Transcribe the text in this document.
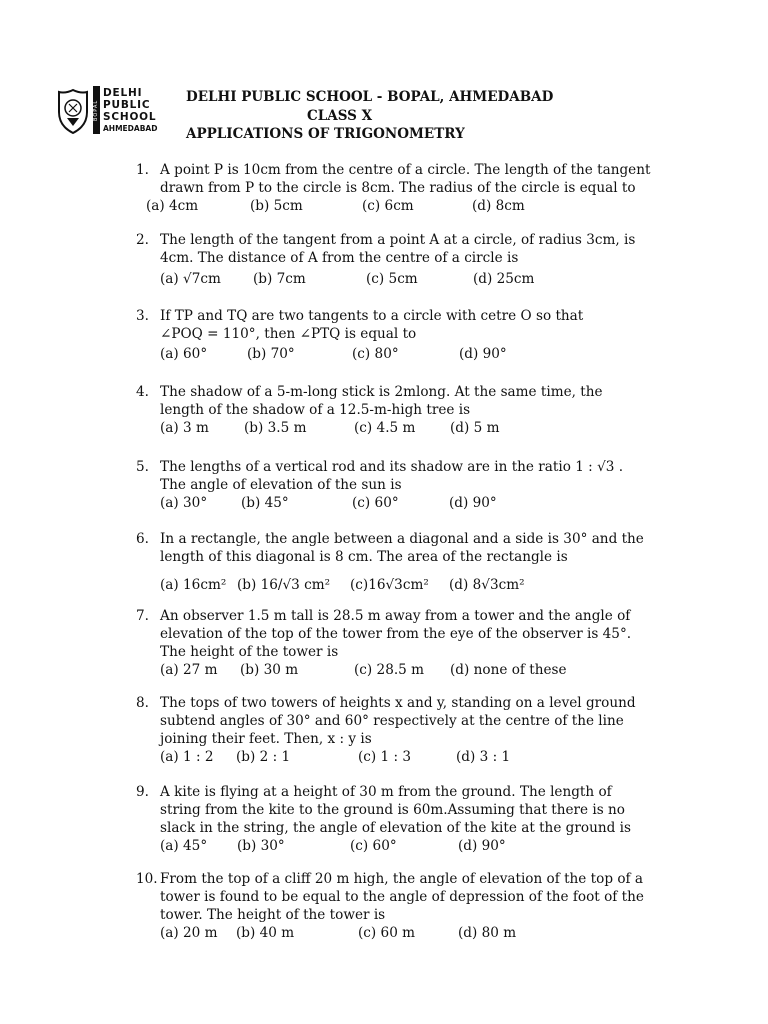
BOPAL
DELHI
PUBLIC
SCHOOL
AHMEDABAD
DELHI PUBLIC SCHOOL - BOPAL, AHMEDABAD
CLASS X
APPLICATIONS OF TRIGONOMETRY
1. A point P is 10cm from the centre of a circle. The length of the tangent
drawn from P to the circle is 8cm. The radius of the circle is equal to
(a) 4cm	(b) 5cm	(c) 6cm	(d) 8cm
2. The length of the tangent from a point A at a circle, of radius 3cm, is
4cm. The distance of A from the centre of a circle is
(a) √7cm (b) 7cm	(c) 5cm	(d) 25cm
3. If TP and TQ are two tangents to a circle with cetre O so that
∠POQ = 110°, then ∠PTQ is equal to
(a) 60°	(b) 70°	(c) 80°	(d) 90°
4. The shadow of a 5-m-long stick is 2mlong. At the same time, the
length of the shadow of a 12.5-m-high tree is
(a) 3 m	(b) 3.5 m	(c) 4.5 m	(d) 5 m
5. The lengths of a vertical rod and its shadow are in the ratio 1 : √3 .
The angle of elevation of the sun is
(a) 30° (b) 45°	(c) 60°	(d) 90°
6. In a rectangle, the angle between a diagonal and a side is 30° and the
length of this diagonal is 8 cm. The area of the rectangle is
(a) 16cm² (b) 16/√3 cm² (c)16√3cm² (d) 8√3cm²
7. An observer 1.5 m tall is 28.5 m away from a tower and the angle of
elevation of the top of the tower from the eye of the observer is 45°.
The height of the tower is
(a) 27 m (b) 30 m	(c) 28.5 m (d) none of these
8. The tops of two towers of heights x and y, standing on a level ground
subtend angles of 30° and 60° respectively at the centre of the line
joining their feet. Then, x : y is
(a) 1 : 2 (b) 2 : 1	(c) 1 : 3	(d) 3 : 1
9. A kite is flying at a height of 30 m from the ground. The length of
string from the kite to the ground is 60m.Assuming that there is no
slack in the string, the angle of elevation of the kite at the ground is
(a) 45° (b) 30°	(c) 60°	(d) 90°
10. From the top of a cliff 20 m high, the angle of elevation of the top of a
tower is found to be equal to the angle of depression of the foot of the
tower. The height of the tower is
(a) 20 m (b) 40 m	(c) 60 m	(d) 80 m
